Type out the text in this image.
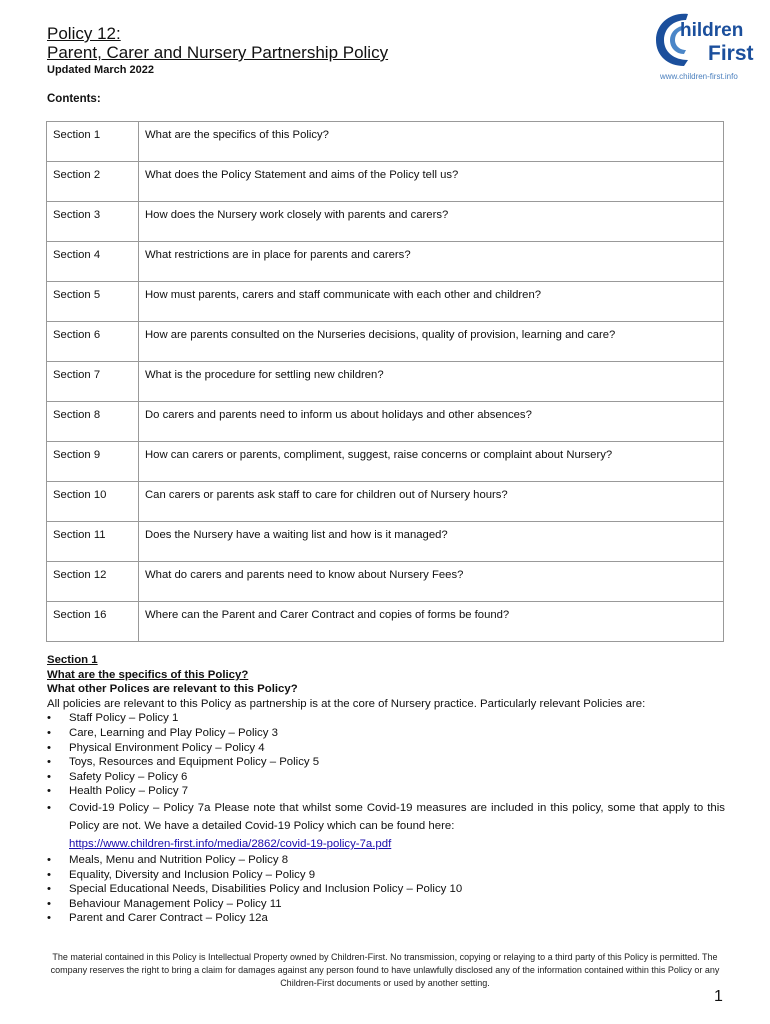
Policy 12:
Parent, Carer and Nursery Partnership Policy
Updated March 2022
Contents:
hildren
First
www.children-first.info
Section 1	What are the specifics of this Policy?
Section 2	What does the Policy Statement and aims of the Policy tell us?
Section 3	How does the Nursery work closely with parents and carers?
Section 4	What restrictions are in place for parents and carers?
Section 5	How must parents, carers and staff communicate with each other and children?
Section 6	How are parents consulted on the Nurseries decisions, quality of provision, learning and care?
Section 7	What is the procedure for settling new children?
Section 8	Do carers and parents need to inform us about holidays and other absences?
Section 9	How can carers or parents, compliment, suggest, raise concerns or complaint about Nursery?
Section 10	Can carers or parents ask staff to care for children out of Nursery hours?
Section 11	Does the Nursery have a waiting list and how is it managed?
Section 12	What do carers and parents need to know about Nursery Fees?
Section 16	Where can the Parent and Carer Contract and copies of forms be found?

Section 1

What are the specifics of this Policy?

What other Polices are relevant to this Policy?

All policies are relevant to this Policy as partnership is at the core of Nursery practice. Particularly relevant Policies are:

• Staff Policy – Policy 1
• Care, Learning and Play Policy – Policy 3
• Physical Environment Policy – Policy 4
• Toys, Resources and Equipment Policy – Policy 5
• Safety Policy – Policy 6
• Health Policy – Policy 7
• Covid-19 Policy – Policy 7a Please note that whilst some Covid-19 measures are included in this policy, some that apply to this Policy are not. We have a detailed Covid-19 Policy which can be found here:
https://www.children-first.info/media/2862/covid-19-policy-7a.pdf
• Meals, Menu and Nutrition Policy – Policy 8
• Equality, Diversity and Inclusion Policy – Policy 9
• Special Educational Needs, Disabilities Policy and Inclusion Policy – Policy 10
• Behaviour Management Policy – Policy 11
• Parent and Carer Contract – Policy 12a
The material contained in this Policy is Intellectual Property owned by Children-First. No transmission, copying or relaying to a third party of this Policy is permitted. The company reserves the right to bring a claim for damages against any person found to have unlawfully disclosed any of the information contained within this Policy or any Children-First documents or used by another setting.
1
